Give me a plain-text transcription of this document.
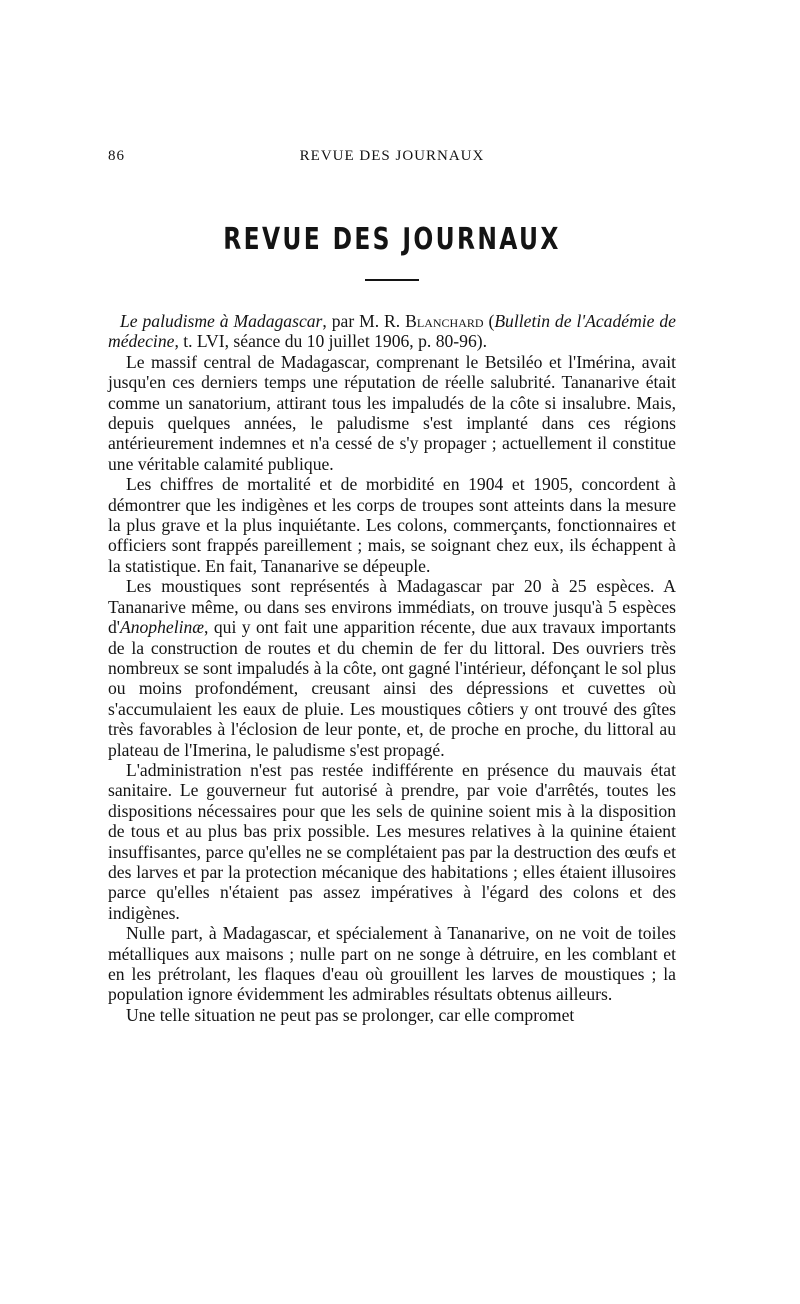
86	REVUE DES JOURNAUX
REVUE DES JOURNAUX

Le paludisme à Madagascar, par M. R. Blanchard (Bulletin de l'Académie de médecine, t. LVI, séance du 10 juillet 1906, p. 80-96).

Le massif central de Madagascar, comprenant le Betsiléo et l'Imérina, avait jusqu'en ces derniers temps une réputation de réelle salubrité. Tananarive était comme un sanatorium, attirant tous les impaludés de la côte si insalubre. Mais, depuis quelques années, le paludisme s'est implanté dans ces régions antérieurement indemnes et n'a cessé de s'y propager ; actuellement il constitue une véritable calamité publique.

Les chiffres de mortalité et de morbidité en 1904 et 1905, concordent à démontrer que les indigènes et les corps de troupes sont atteints dans la mesure la plus grave et la plus inquiétante. Les colons, commerçants, fonctionnaires et officiers sont frappés pareillement ; mais, se soignant chez eux, ils échappent à la statistique. En fait, Tananarive se dépeuple.

Les moustiques sont représentés à Madagascar par 20 à 25 espèces. A Tananarive même, ou dans ses environs immédiats, on trouve jusqu'à 5 espèces d'Anophelinæ, qui y ont fait une apparition récente, due aux travaux importants de la construction de routes et du chemin de fer du littoral. Des ouvriers très nombreux se sont impaludés à la côte, ont gagné l'intérieur, défonçant le sol plus ou moins profondément, creusant ainsi des dépressions et cuvettes où s'accumulaient les eaux de pluie. Les moustiques côtiers y ont trouvé des gîtes très favorables à l'éclosion de leur ponte, et, de proche en proche, du littoral au plateau de l'Imerina, le paludisme s'est propagé.

L'administration n'est pas restée indifférente en présence du mauvais état sanitaire. Le gouverneur fut autorisé à prendre, par voie d'arrêtés, toutes les dispositions nécessaires pour que les sels de quinine soient mis à la disposition de tous et au plus bas prix possible. Les mesures relatives à la quinine étaient insuffisantes, parce qu'elles ne se complétaient pas par la destruction des œufs et des larves et par la protection mécanique des habitations ; elles étaient illusoires parce qu'elles n'étaient pas assez impératives à l'égard des colons et des indigènes.

Nulle part, à Madagascar, et spécialement à Tananarive, on ne voit de toiles métalliques aux maisons ; nulle part on ne songe à détruire, en les comblant et en les prétrolant, les flaques d'eau où grouillent les larves de moustiques ; la population ignore évidemment les admirables résultats obtenus ailleurs.

Une telle situation ne peut pas se prolonger, car elle compromet
